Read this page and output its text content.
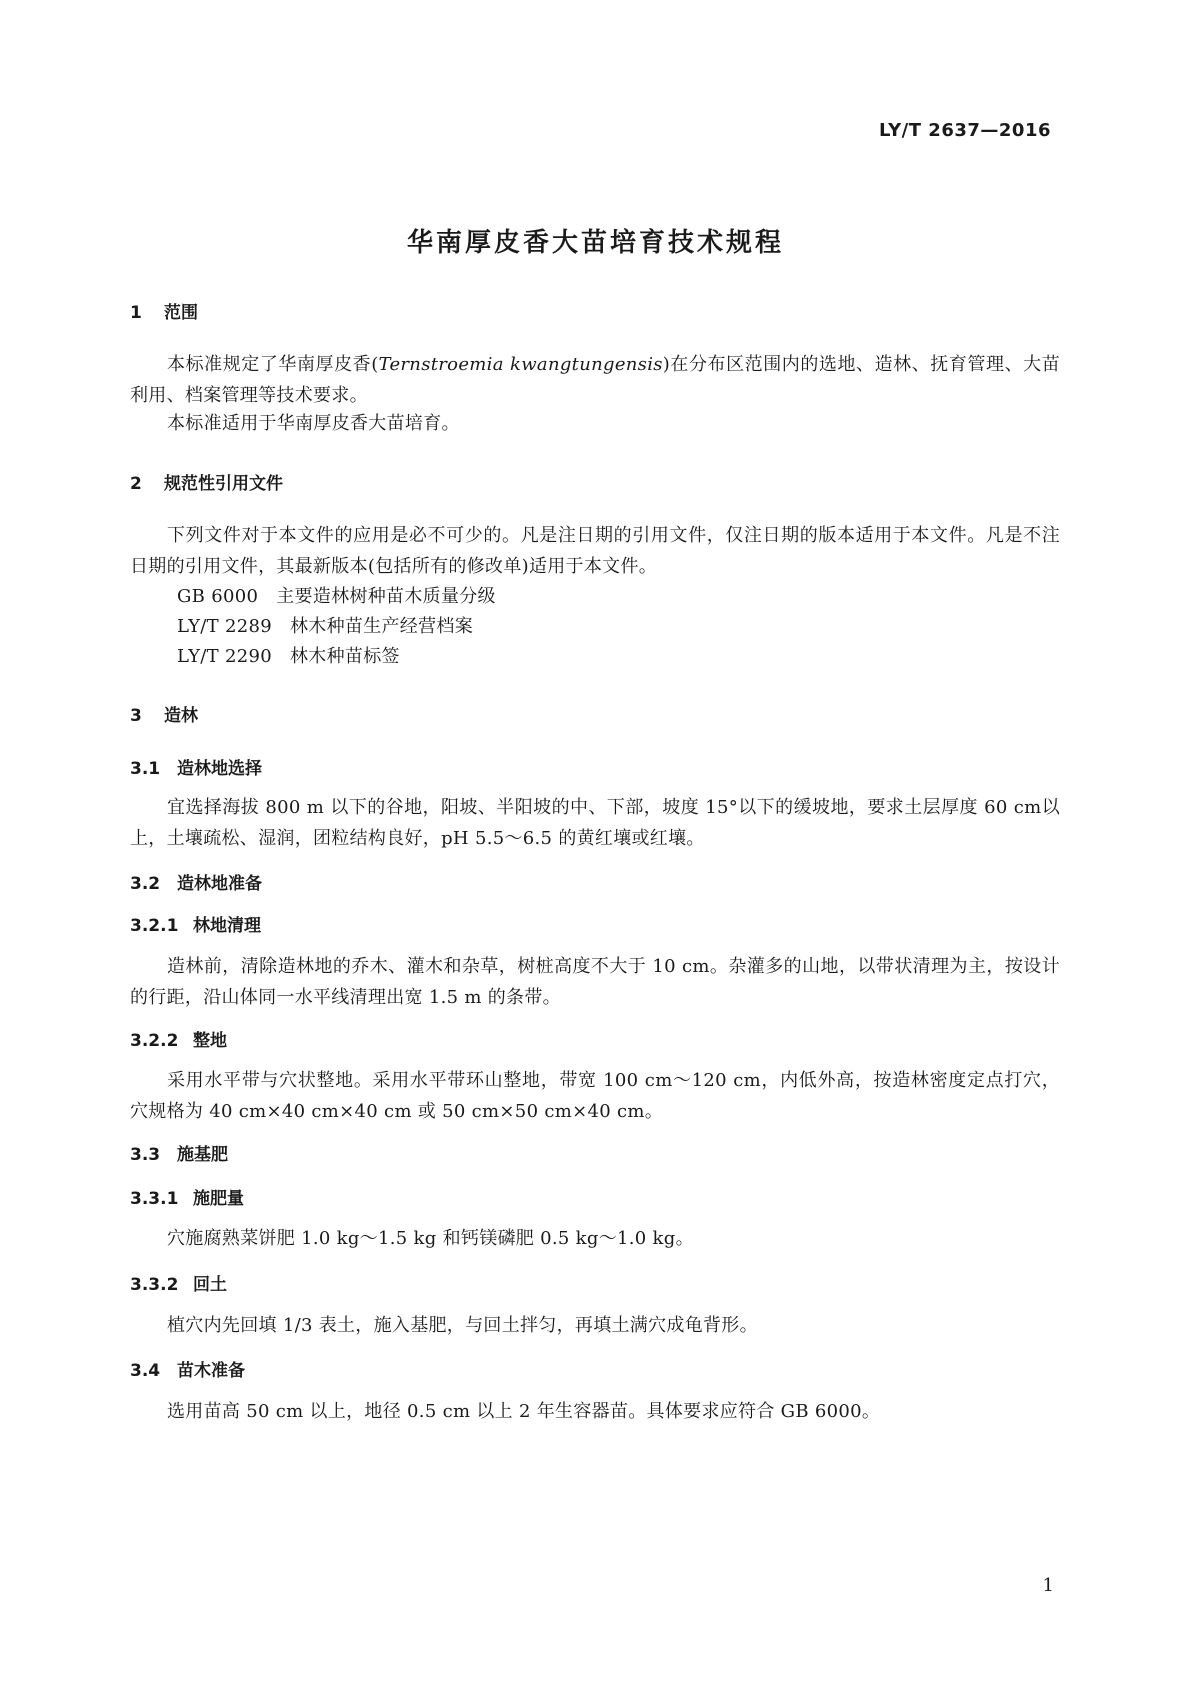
LY/T 2637—2016
华南厚皮香大苗培育技术规程
1 范围
本标准规定了华南厚皮香(Ternstroemia kwangtungensis)在分布区范围内的选地、造林、抚育管理、大苗利用、档案管理等技术要求。
本标准适用于华南厚皮香大苗培育。
2 规范性引用文件
下列文件对于本文件的应用是必不可少的。凡是注日期的引用文件，仅注日期的版本适用于本文件。凡是不注日期的引用文件，其最新版本(包括所有的修改单)适用于本文件。
GB 6000 主要造林树种苗木质量分级
LY/T 2289 林木种苗生产经营档案
LY/T 2290 林木种苗标签
3 造林
3.1 造林地选择
宜选择海拔 800 m 以下的谷地，阳坡、半阳坡的中、下部，坡度 15°以下的缓坡地，要求土层厚度 60 cm以上，土壤疏松、湿润，团粒结构良好，pH 5.5～6.5 的黄红壤或红壤。
3.2 造林地准备
3.2.1 林地清理
造林前，清除造林地的乔木、灌木和杂草，树桩高度不大于 10 cm。杂灌多的山地，以带状清理为主，按设计的行距，沿山体同一水平线清理出宽 1.5 m 的条带。
3.2.2 整地
采用水平带与穴状整地。采用水平带环山整地，带宽 100 cm～120 cm，内低外高，按造林密度定点打穴，穴规格为 40 cm×40 cm×40 cm 或 50 cm×50 cm×40 cm。
3.3 施基肥
3.3.1 施肥量
穴施腐熟菜饼肥 1.0 kg～1.5 kg 和钙镁磷肥 0.5 kg～1.0 kg。
3.3.2 回土
植穴内先回填 1/3 表土，施入基肥，与回土拌匀，再填土满穴成龟背形。
3.4 苗木准备
选用苗高 50 cm 以上，地径 0.5 cm 以上 2 年生容器苗。具体要求应符合 GB 6000。
1
